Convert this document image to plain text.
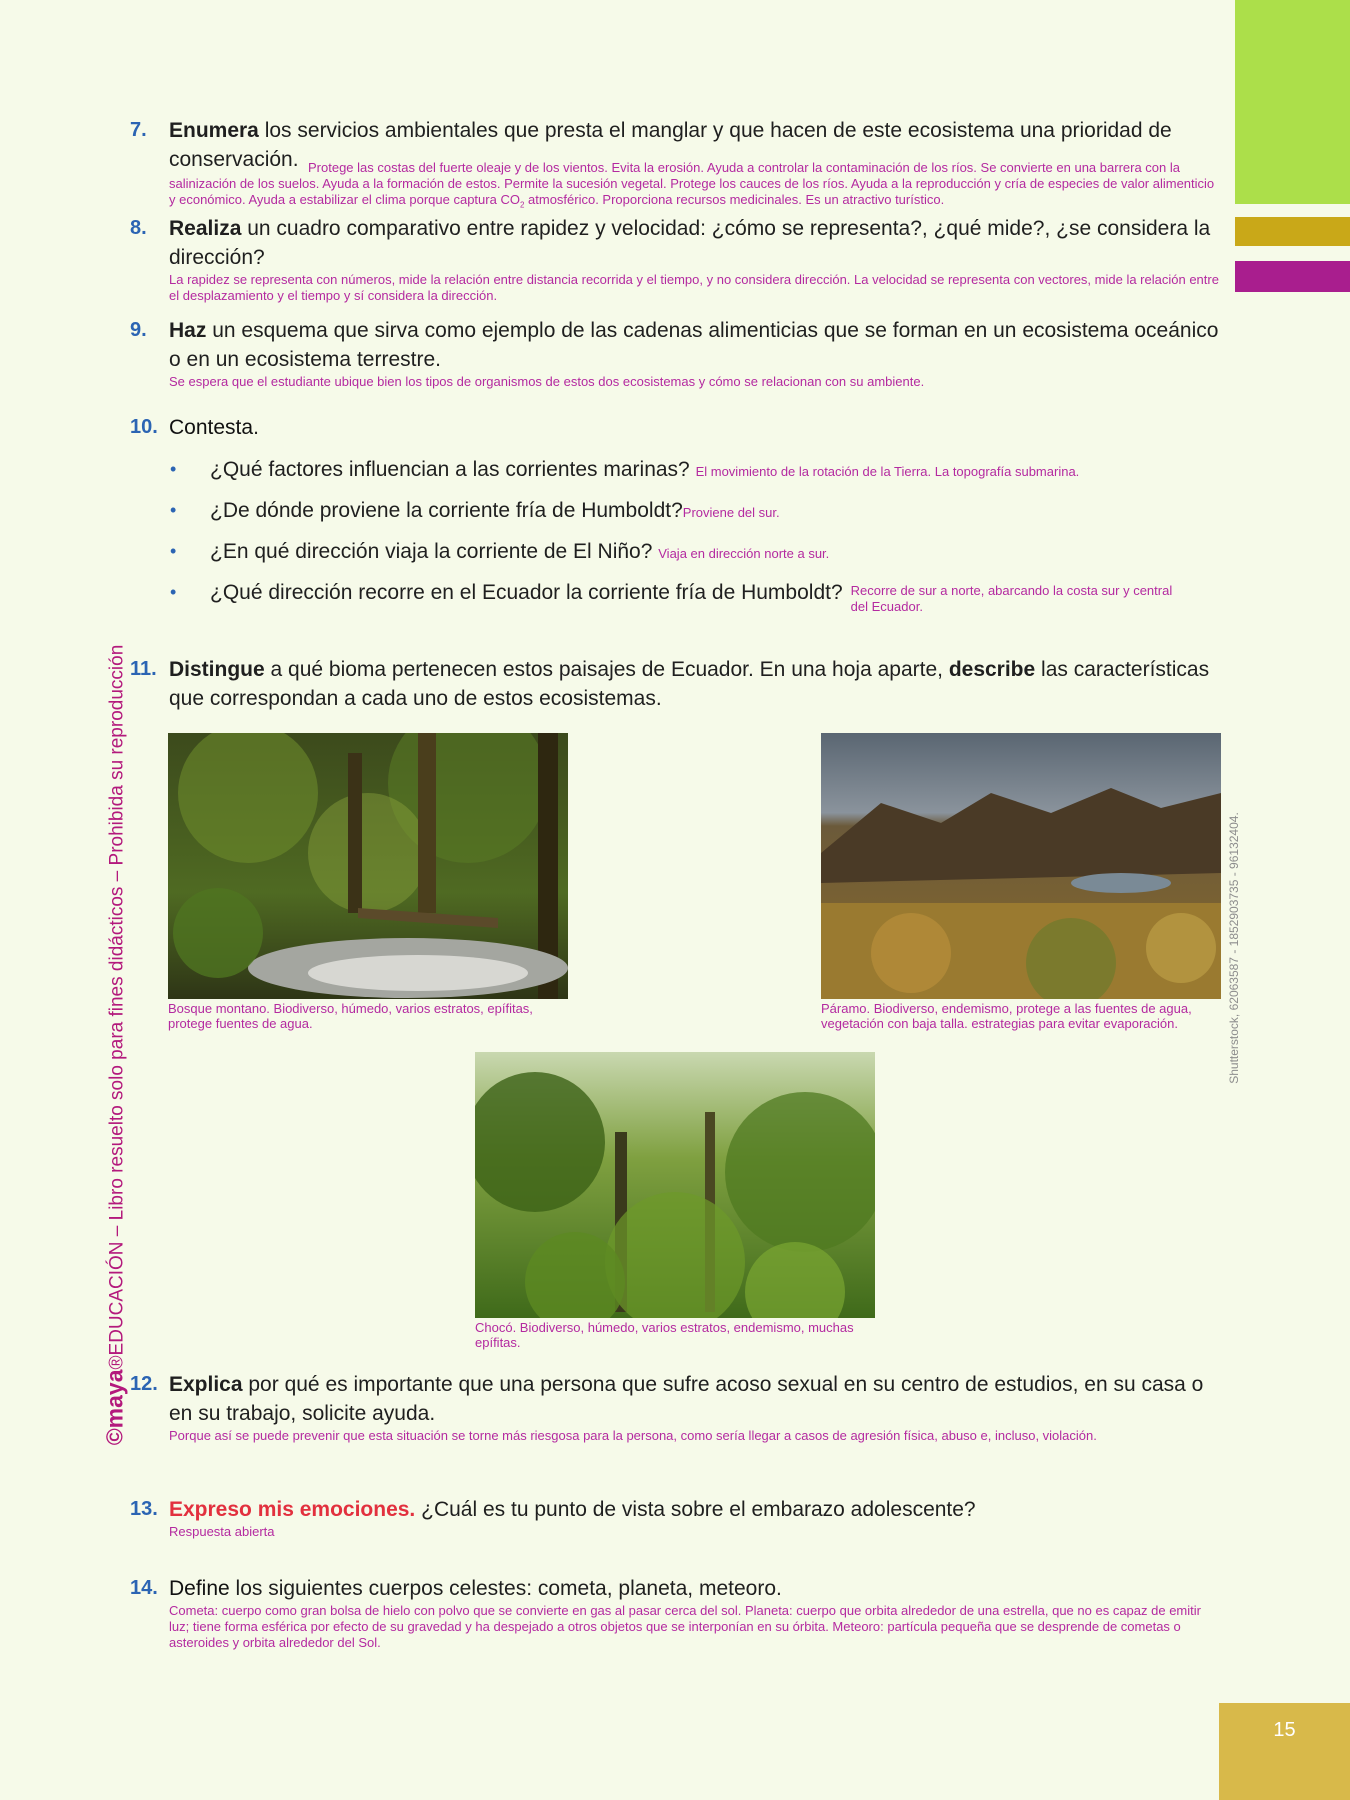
©maya®EDUCACIÓN – Libro resuelto solo para fines didácticos – Prohibida su reproducción	Shutterstock, 62063587 - 1852903735 - 96132404.
7. Enumera los servicios ambientales que presta el manglar y que hacen de este ecosistema una prioridad de conservación. Protege las costas del fuerte oleaje y de los vientos. Evita la erosión. Ayuda a controlar la contaminación de los ríos. Se convierte en una barrera con la salinización de los suelos. Ayuda a la formación de estos. Permite la sucesión vegetal. Protege los cauces de los ríos. Ayuda a la reproducción y cría de especies de valor alimenticio y económico. Ayuda a estabilizar el clima porque captura $CO_2$ atmosférico. Proporciona recursos medicinales. Es un atractivo turístico.
8. Realiza un cuadro comparativo entre rapidez y velocidad: ¿cómo se representa?, ¿qué mide?, ¿se considera la dirección?
La rapidez se representa con números, mide la relación entre distancia recorrida y el tiempo, y no considera dirección. La velocidad se representa con vectores, mide la relación entre el desplazamiento y el tiempo y sí considera la dirección.
9. Haz un esquema que sirva como ejemplo de las cadenas alimenticias que se forman en un ecosistema oceánico o en un ecosistema terrestre.
Se espera que el estudiante ubique bien los tipos de organismos de estos dos ecosistemas y cómo se relacionan con su ambiente.
10. Contesta.
• ¿Qué factores influencian a las corrientes marinas? El movimiento de la rotación de la Tierra. La topografía submarina.
• ¿De dónde proviene la corriente fría de Humboldt?Proviene del sur.
• ¿En qué dirección viaja la corriente de El Niño? Viaja en dirección norte a sur.
• ¿Qué dirección recorre en el Ecuador la corriente fría de Humboldt? Recorre de sur a norte, abarcando la costa sur y central del Ecuador.
11. Distingue a qué bioma pertenecen estos paisajes de Ecuador. En una hoja aparte, describe las características que correspondan a cada uno de estos ecosistemas.
Bosque montano. Biodiverso, húmedo, varios estratos, epífitas, protege fuentes de agua.
Páramo. Biodiverso, endemismo, protege a las fuentes de agua, vegetación con baja talla. estrategias para evitar evaporación.
Chocó. Biodiverso, húmedo, varios estratos, endemismo, muchas epífitas.
12. Explica por qué es importante que una persona que sufre acoso sexual en su centro de estudios, en su casa o en su trabajo, solicite ayuda.
Porque así se puede prevenir que esta situación se torne más riesgosa para la persona, como sería llegar a casos de agresión física, abuso e, incluso, violación.
13. Expreso mis emociones. ¿Cuál es tu punto de vista sobre el embarazo adolescente?
Respuesta abierta
14. Define los siguientes cuerpos celestes: cometa, planeta, meteoro.
Cometa: cuerpo como gran bolsa de hielo con polvo que se convierte en gas al pasar cerca del sol. Planeta: cuerpo que orbita alrededor de una estrella, que no es capaz de emitir luz; tiene forma esférica por efecto de su gravedad y ha despejado a otros objetos que se interponían en su órbita. Meteoro: partícula pequeña que se desprende de cometas o asteroides y orbita alrededor del Sol.
15
